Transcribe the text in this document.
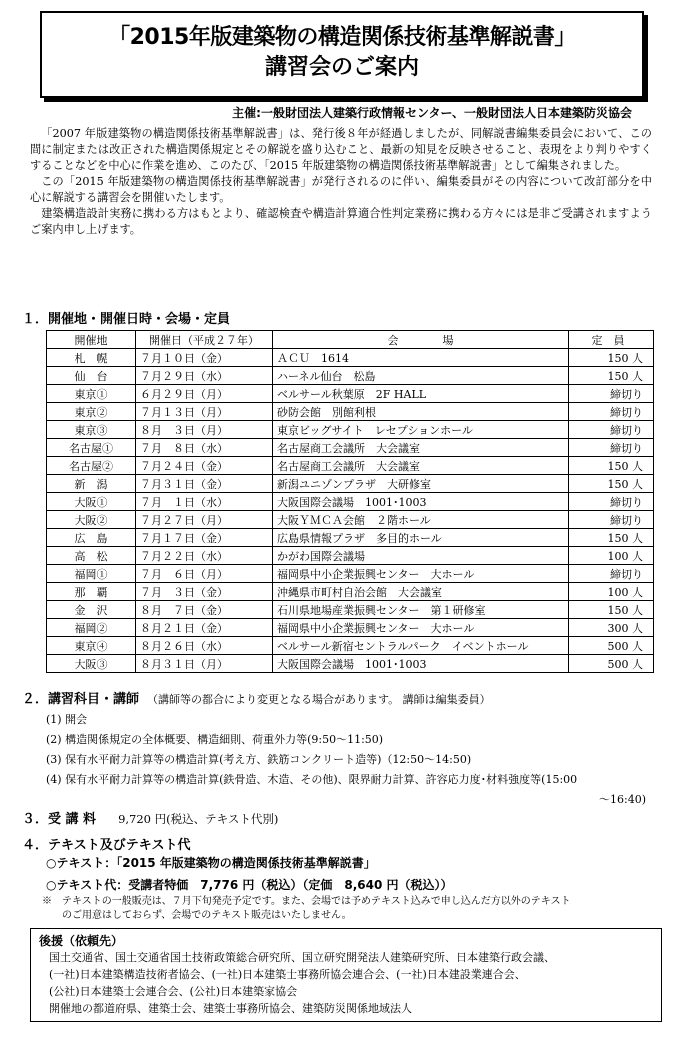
「2015年版建築物の構造関係技術基準解説書」
講習会のご案内
主催:一般財団法人建築行政情報センター、一般財団法人日本建築防災協会

「2007 年版建築物の構造関係技術基準解説書」は、発行後８年が経過しましたが、同解説書編集委員会において、この間に制定または改正された構造関係規定とその解説を盛り込むこと、最新の知見を反映させること、表現をより判りやすくすることなどを中心に作業を進め、このたび、「2015 年版建築物の構造関係技術基準解説書」として編集されました。

この「2015 年版建築物の構造関係技術基準解説書」が発行されるのに伴い、編集委員がその内容について改訂部分を中心に解説する講習会を開催いたします。

建築構造設計実務に携わる方はもとより、確認検査や構造計算適合性判定業務に携わる方々には是非ご受講されますようご案内申し上げます。

１．開催地・開催日時・会場・定員
開催地	開催日（平成２７年）	会　　　　場	定　員
札　幌	７月１０日（金）	ＡＣＵ　1614	150 人
仙　台	７月２９日（水）	ハーネル仙台　松島	150 人
東京①	６月２９日（月）	ベルサール秋葉原　2F HALL	締切り
東京②	７月１３日（月）	砂防会館　別館利根	締切り
東京③	８月　３日（月）	東京ビッグサイト　レセプションホール	締切り
名古屋①	７月　８日（水）	名古屋商工会議所　大会議室	締切り
名古屋②	７月２４日（金）	名古屋商工会議所　大会議室	150 人
新　潟	７月３１日（金）	新潟ユニゾンプラザ　大研修室	150 人
大阪①	７月　１日（水）	大阪国際会議場　1001･1003	締切り
大阪②	７月２７日（月）	大阪ＹＭＣＡ会館　２階ホール	締切り
広　島	７月１７日（金）	広島県情報プラザ　多目的ホール	150 人
高　松	７月２２日（水）	かがわ国際会議場	100 人
福岡①	７月　６日（月）	福岡県中小企業振興センター　大ホール	締切り
那　覇	７月　３日（金）	沖縄県市町村自治会館　大会議室	100 人
金　沢	８月　７日（金）	石川県地場産業振興センター　第１研修室	150 人
福岡②	８月２１日（金）	福岡県中小企業振興センター　大ホール	300 人
東京④	８月２６日（水）	ベルサール新宿セントラルパーク　イベントホール	500 人
大阪③	８月３１日（月）	大阪国際会議場　1001･1003	500 人
２．講習科目・講師 （講師等の都合により変更となる場合があります。 講師は編集委員）
(1) 開会
(2) 構造関係規定の全体概要、構造細則、荷重外力等(9:50～11:50)
(3) 保有水平耐力計算等の構造計算(考え方、鉄筋コンクリート造等)（12:50～14:50)
(4) 保有水平耐力計算等の構造計算(鉄骨造、木造、その他)、限界耐力計算、許容応力度･材料強度等(15:00
～16:40)
３．受 講 料 9,720 円(税込、テキスト代別)
４．テキスト及びテキスト代
○テキスト：「2015 年版建築物の構造関係技術基準解説書」
○テキスト代：受講者特価　7,776 円（税込）（定価　8,640 円（税込））
※　テキストの一般販売は、７月下旬発売予定です。また、会場では予めテキスト込みで申し込んだ方以外のテキスト
　　のご用意はしておらず、会場でのテキスト販売はいたしません。
後援（依頼先）
国土交通省、国土交通省国土技術政策総合研究所、国立研究開発法人建築研究所、日本建築行政会議、
(一社)日本建築構造技術者協会、(一社)日本建築士事務所協会連合会、(一社)日本建設業連合会、
(公社)日本建築士会連合会、(公社)日本建築家協会
開催地の都道府県、建築士会、建築士事務所協会、建築防災関係地域法人
